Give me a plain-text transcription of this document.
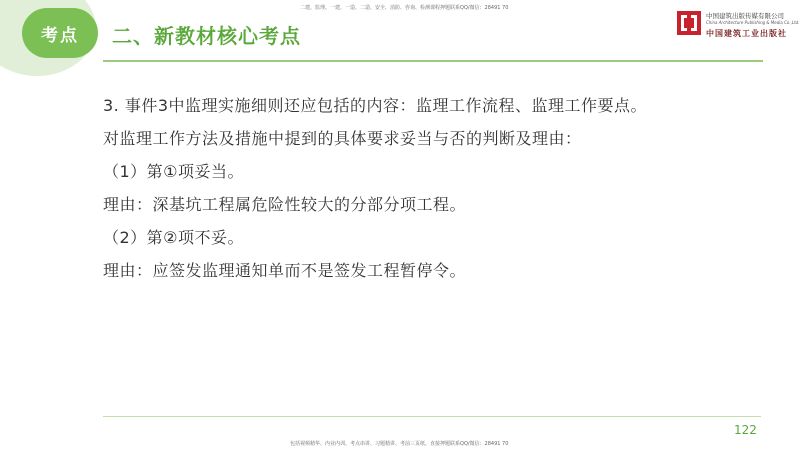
考点	二、新教材核心考点
二建、监理、一建、一造、二造、安全、消防、咨询、检测课程押题联系QQ/微信：28491 70
中国建筑出版传媒有限公司
China Architecture Publishing & Media Co.,Ltd.
中国建筑工业出版社
3. 事件3中监理实施细则还应包括的内容：监理工作流程、监理工作要点。
对监理工作方法及措施中提到的具体要求妥当与否的判断及理由：
（1）第①项妥当。
理由：深基坑工程属危险性较大的分部分项工程。
（2）第②项不妥。
理由：应签发监理通知单而不是签发工程暂停令。
122
包括视频精华、内业内训、考点串讲、习题精讲、考前三页纸、直接押题联系QQ/微信：28491 70
